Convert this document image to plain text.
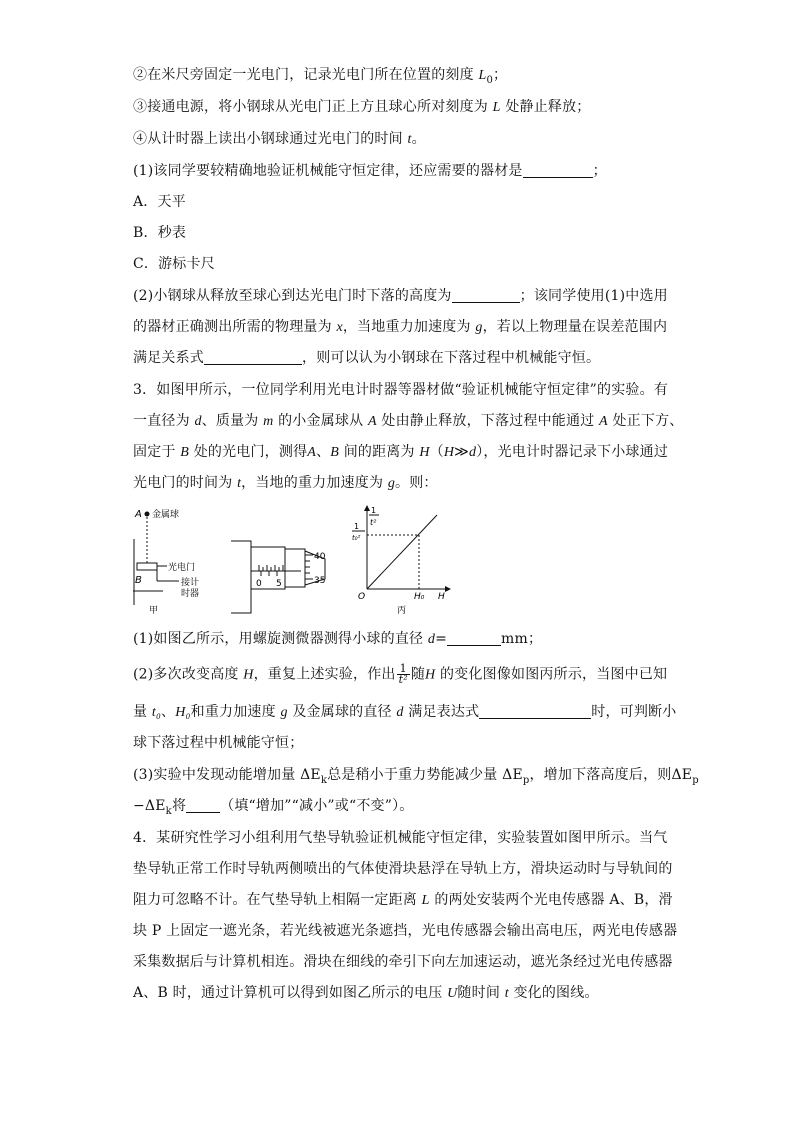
②在米尺旁固定一光电门，记录光电门所在位置的刻度 $L_0$；
③接通电源，将小钢球从光电门正上方且球心所对刻度为 L 处静止释放；
④从计时器上读出小钢球通过光电门的时间 t。
(1)该同学要较精确地验证机械能守恒定律，还应需要的器材是	；
A．天平
B．秒表
C．游标卡尺
(2)小钢球从释放至球心到达光电门时下落的高度为	；该同学使用(1)中选用
的器材正确测出所需的物理量为 x，当地重力加速度为 g，若以上物理量在误差范围内
满足关系式	，则可以认为小钢球在下落过程中机械能守恒。
3．如图甲所示，一位同学利用光电计时器等器材做“验证机械能守恒定律”的实验。有
一直径为 d、质量为 m 的小金属球从 A 处由静止释放，下落过程中能通过 A 处正下方、
固定于 B 处的光电门，测得A、B 间的距离为 H（H≫d），光电计时器记录下小球通过
光电门的时间为 t，当地的重力加速度为 g。则：
A 金属球
光电门
B	接计
时器
甲
0 5
40
35
1
t²
1
t₀²
O	H₀ H
丙
(1)如图乙所示，用螺旋测微器测得小球的直径 d=	mm；
(2)多次改变高度 H，重复上述实验，作出 $\frac{1}{\text{t²}}$ 随H 的变化图像如图丙所示，当图中已知
量 t₀、H₀和重力加速度 g 及金属球的直径 d 满足表达式	时，可判断小
球下落过程中机械能守恒；
(3)实验中发现动能增加量 $\Delta E_k$总是稍小于重力势能减少量 $\Delta E_p$，增加下落高度后，则$\Delta E_p$
$-\Delta E_k$将 （填“增加”“减小”或“不变”）。
4．某研究性学习小组利用气垫导轨验证机械能守恒定律，实验装置如图甲所示。当气
垫导轨正常工作时导轨两侧喷出的气体使滑块悬浮在导轨上方，滑块运动时与导轨间的
阻力可忽略不计。在气垫导轨上相隔一定距离 L 的两处安装两个光电传感器 A、B，滑
块 P 上固定一遮光条，若光线被遮光条遮挡，光电传感器会输出高电压，两光电传感器
采集数据后与计算机相连。滑块在细线的牵引下向左加速运动，遮光条经过光电传感器
A、B 时，通过计算机可以得到如图乙所示的电压 U随时间 t 变化的图线。
